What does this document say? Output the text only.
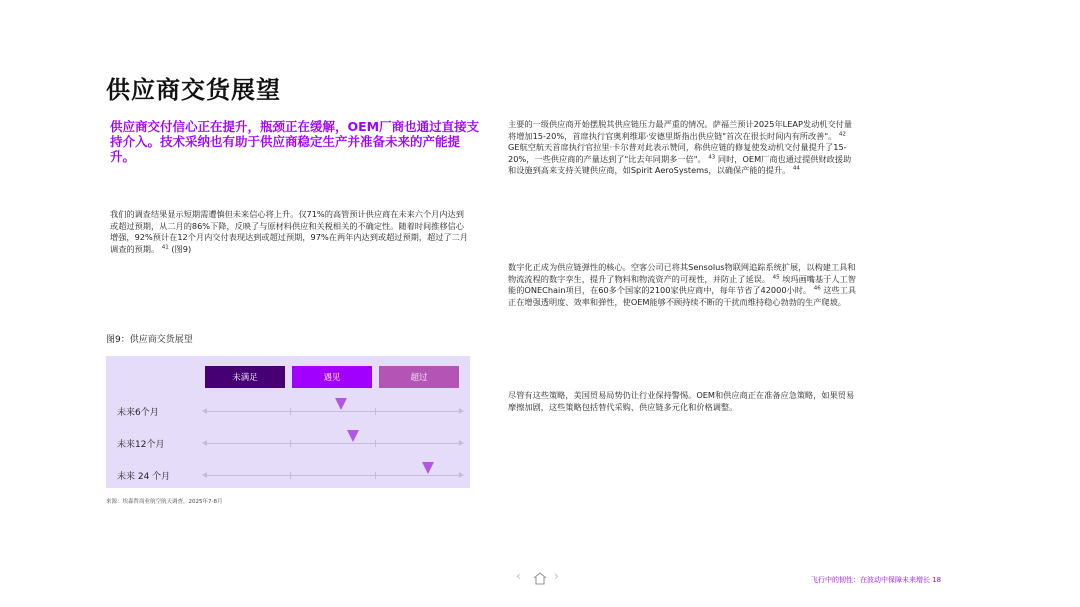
供应商交货展望
供应商交付信心正在提升，瓶颈正在缓解，OEM厂商也通过直接支持介入。技术采纳也有助于供应商稳定生产并准备未来的产能提升。
我们的调查结果显示短期需遭慎但未来信心将上升。仅71%的高管预计供应商在未来六个月内达到或超过预期，从二月的86%下降，反映了与原材料供应和关税相关的不确定性。随着时间推移信心增强，92%预计在12个月内交付表现达到或超过预期，97%在两年内达到或超过预期，超过了二月调查的预期。 $^{41}$ (图9)
主要的一级供应商开始摆脱其供应链压力最严重的情况。萨福兰预计2025年LEAP发动机交付量将增加15-20%，首席执行官奥利维耶·安德里斯指出供应链"首次在很长时间内有所改善"。 $^{42}$ GE航空航天首席执行官拉里·卡尔普对此表示赞同，称供应链的修复使发动机交付量提升了15-20%，一些供应商的产量达到了"比去年同期多一倍"。 $^{43}$ 同时，OEM厂商也通过提供财政援助和设施到高来支持关键供应商，如Spirit AeroSystems，以确保产能的提升。 $^{44}$
数字化正成为供应链弹性的核心。空客公司已将其Sensolus物联网追踪系统扩展，以构建工具和物流流程的数字孪生，提升了物料和物流资产的可视性，并防止了延误。 $^{45}$ 埃玛画嘴基于人工智能的ONEChain项目，在60多个国家的2100家供应商中，每年节省了42000小时。 $^{46}$ 这些工具正在增强透明度、效率和弹性，使OEM能够不顾持续不断的干扰而维持稳心勃勃的生产爬坡。
尽管有这些策略，美国贸易局势仍让行业保持警惕。OEM和供应商正在准备应急策略，如果贸易摩擦加剧，这些策略包括替代采购、供应链多元化和价格调整。
图9：供应商交货展望
未满足	遇见	超过
未来6个月
未来12个月
未来 24 个月
来源：埃森哲商业航空航天调查，2025年7-8月
‹	›	飞行中的韧性：在波动中保障未来增长 18
